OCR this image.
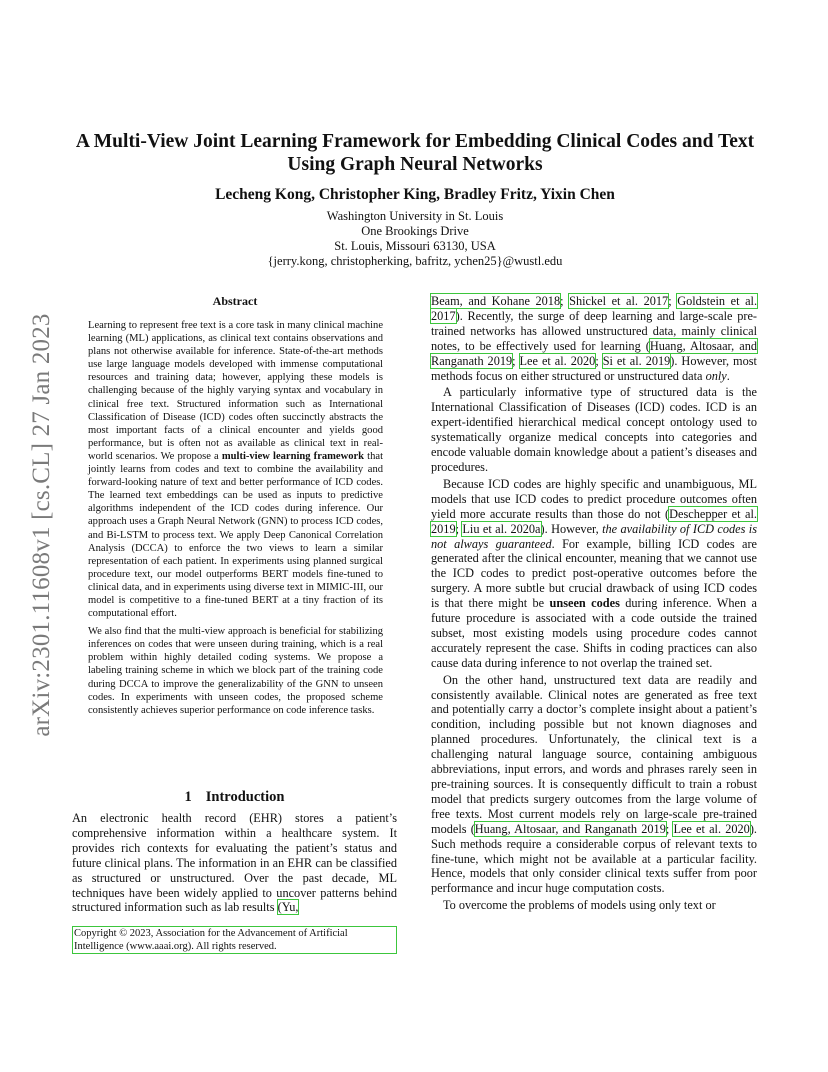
arXiv:2301.11608v1 [cs.CL] 27 Jan 2023
A Multi-View Joint Learning Framework for Embedding Clinical Codes and Text Using Graph Neural Networks
Lecheng Kong, Christopher King, Bradley Fritz, Yixin Chen
Washington University in St. Louis
One Brookings Drive
St. Louis, Missouri 63130, USA
{jerry.kong, christopherking, bafritz, ychen25}@wustl.edu
Abstract

Learning to represent free text is a core task in many clinical machine learning (ML) applications, as clinical text contains observations and plans not otherwise available for inference. State-of-the-art methods use large language models developed with immense computational resources and training data; however, applying these models is challenging because of the highly varying syntax and vocabulary in clinical free text. Structured information such as International Classification of Disease (ICD) codes often succinctly abstracts the most important facts of a clinical encounter and yields good performance, but is often not as available as clinical text in real-world scenarios. We propose a multi-view learning framework that jointly learns from codes and text to combine the availability and forward-looking nature of text and better performance of ICD codes. The learned text embeddings can be used as inputs to predictive algorithms independent of the ICD codes during inference. Our approach uses a Graph Neural Network (GNN) to process ICD codes, and Bi-LSTM to process text. We apply Deep Canonical Correlation Analysis (DCCA) to enforce the two views to learn a similar representation of each patient. In experiments using planned surgical procedure text, our model outperforms BERT models fine-tuned to clinical data, and in experiments using diverse text in MIMIC-III, our model is competitive to a fine-tuned BERT at a tiny fraction of its computational effort.

We also find that the multi-view approach is beneficial for stabilizing inferences on codes that were unseen during training, which is a real problem within highly detailed coding systems. We propose a labeling training scheme in which we block part of the training code during DCCA to improve the generalizability of the GNN to unseen codes. In experiments with unseen codes, the proposed scheme consistently achieves superior performance on code inference tasks.

1 Introduction
An electronic health record (EHR) stores a patient’s comprehensive information within a healthcare system. It provides rich contexts for evaluating the patient’s status and future clinical plans. The information in an EHR can be classified as structured or unstructured. Over the past decade, ML techniques have been widely applied to uncover patterns behind structured information such as lab results (Yu,
Copyright © 2023, Association for the Advancement of Artificial Intelligence (www.aaai.org). All rights reserved.

Beam, and Kohane 2018; Shickel et al. 2017; Goldstein et al. 2017). Recently, the surge of deep learning and large-scale pre-trained networks has allowed unstructured data, mainly clinical notes, to be effectively used for learning (Huang, Altosaar, and Ranganath 2019; Lee et al. 2020; Si et al. 2019). However, most methods focus on either structured or unstructured data only.

A particularly informative type of structured data is the International Classification of Diseases (ICD) codes. ICD is an expert-identified hierarchical medical concept ontology used to systematically organize medical concepts into categories and encode valuable domain knowledge about a patient’s diseases and procedures.

Because ICD codes are highly specific and unambiguous, ML models that use ICD codes to predict procedure outcomes often yield more accurate results than those do not (Deschepper et al. 2019; Liu et al. 2020a). However, the availability of ICD codes is not always guaranteed. For example, billing ICD codes are generated after the clinical encounter, meaning that we cannot use the ICD codes to predict post-operative outcomes before the surgery. A more subtle but crucial drawback of using ICD codes is that there might be unseen codes during inference. When a future procedure is associated with a code outside the trained subset, most existing models using procedure codes cannot accurately represent the case. Shifts in coding practices can also cause data during inference to not overlap the trained set.

On the other hand, unstructured text data are readily and consistently available. Clinical notes are generated as free text and potentially carry a doctor’s complete insight about a patient’s condition, including possible but not known diagnoses and planned procedures. Unfortunately, the clinical text is a challenging natural language source, containing ambiguous abbreviations, input errors, and words and phrases rarely seen in pre-training sources. It is consequently difficult to train a robust model that predicts surgery outcomes from the large volume of free texts. Most current models rely on large-scale pre-trained models (Huang, Altosaar, and Ranganath 2019; Lee et al. 2020). Such methods require a considerable corpus of relevant texts to fine-tune, which might not be available at a particular facility. Hence, models that only consider clinical texts suffer from poor performance and incur huge computation costs.

To overcome the problems of models using only text or
